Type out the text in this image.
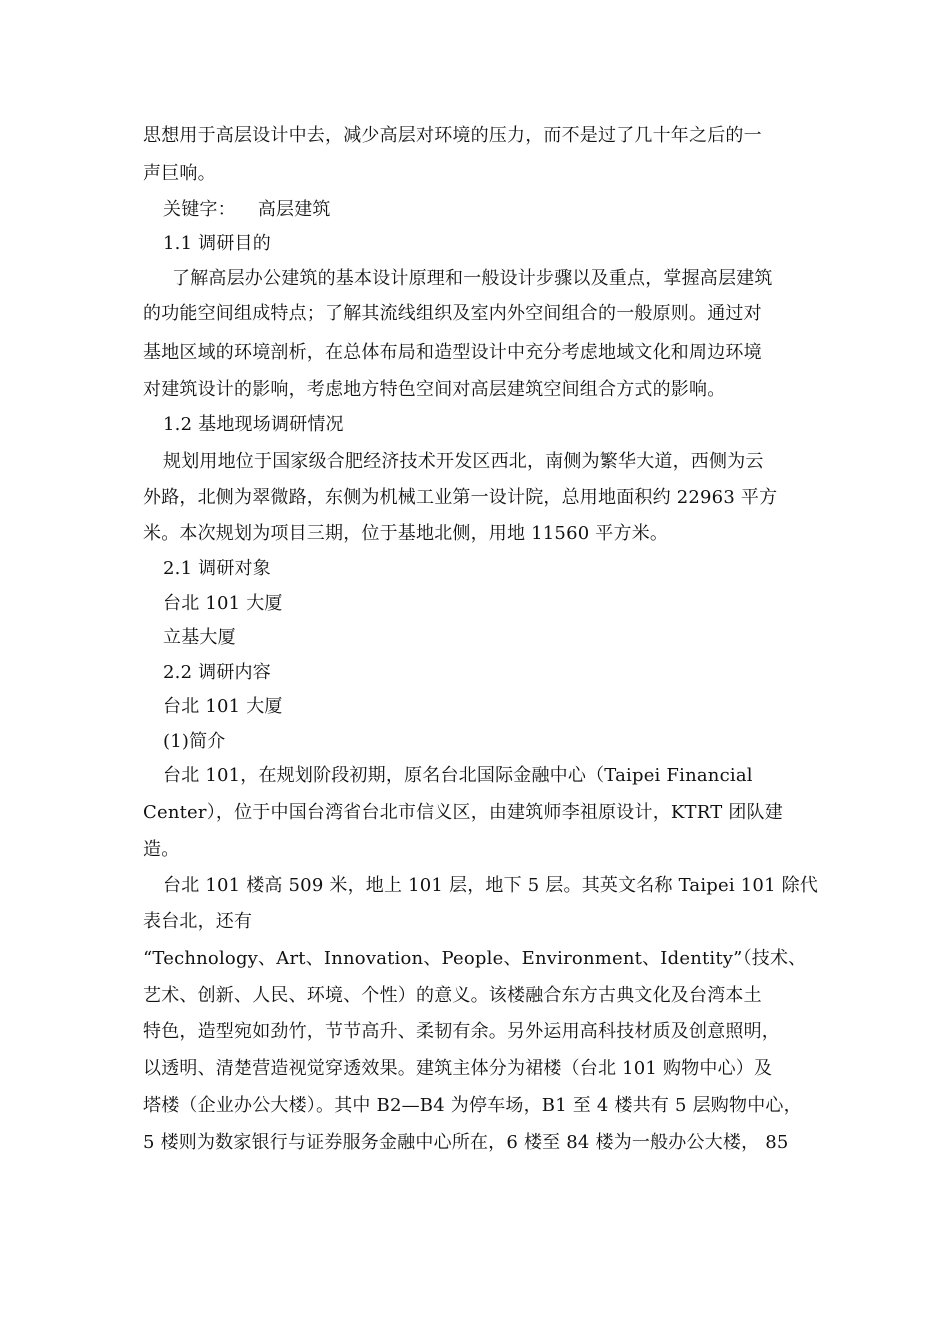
思想用于高层设计中去，减少高层对环境的压力，而不是过了几十年之后的一
声巨响。
关键字： 高层建筑
1.1 调研目的
了解高层办公建筑的基本设计原理和一般设计步骤以及重点，掌握高层建筑
的功能空间组成特点；了解其流线组织及室内外空间组合的一般原则。通过对
基地区域的环境剖析，在总体布局和造型设计中充分考虑地域文化和周边环境
对建筑设计的影响，考虑地方特色空间对高层建筑空间组合方式的影响。
1.2 基地现场调研情况
规划用地位于国家级合肥经济技术开发区西北，南侧为繁华大道，西侧为云
外路，北侧为翠微路，东侧为机械工业第一设计院，总用地面积约 22963 平方
米。本次规划为项目三期，位于基地北侧，用地 11560 平方米。
2.1 调研对象
台北 101 大厦
立基大厦
2.2 调研内容
台北 101 大厦
(1)简介
台北 101，在规划阶段初期，原名台北国际金融中心（Taipei Financial
Center），位于中国台湾省台北市信义区，由建筑师李祖原设计，KTRT 团队建
造。
台北 101 楼高 509 米，地上 101 层，地下 5 层。其英文名称 Taipei 101 除代
表台北，还有
“Technology、Art、Innovation、People、Environment、Identity”（技术、
艺术、创新、人民、环境、个性）的意义。该楼融合东方古典文化及台湾本土
特色，造型宛如劲竹，节节高升、柔韧有余。另外运用高科技材质及创意照明，
以透明、清楚营造视觉穿透效果。建筑主体分为裙楼（台北 101 购物中心）及
塔楼（企业办公大楼）。其中 B2—B4 为停车场，B1 至 4 楼共有 5 层购物中心，
5 楼则为数家银行与证券服务金融中心所在，6 楼至 84 楼为一般办公大楼， 85
